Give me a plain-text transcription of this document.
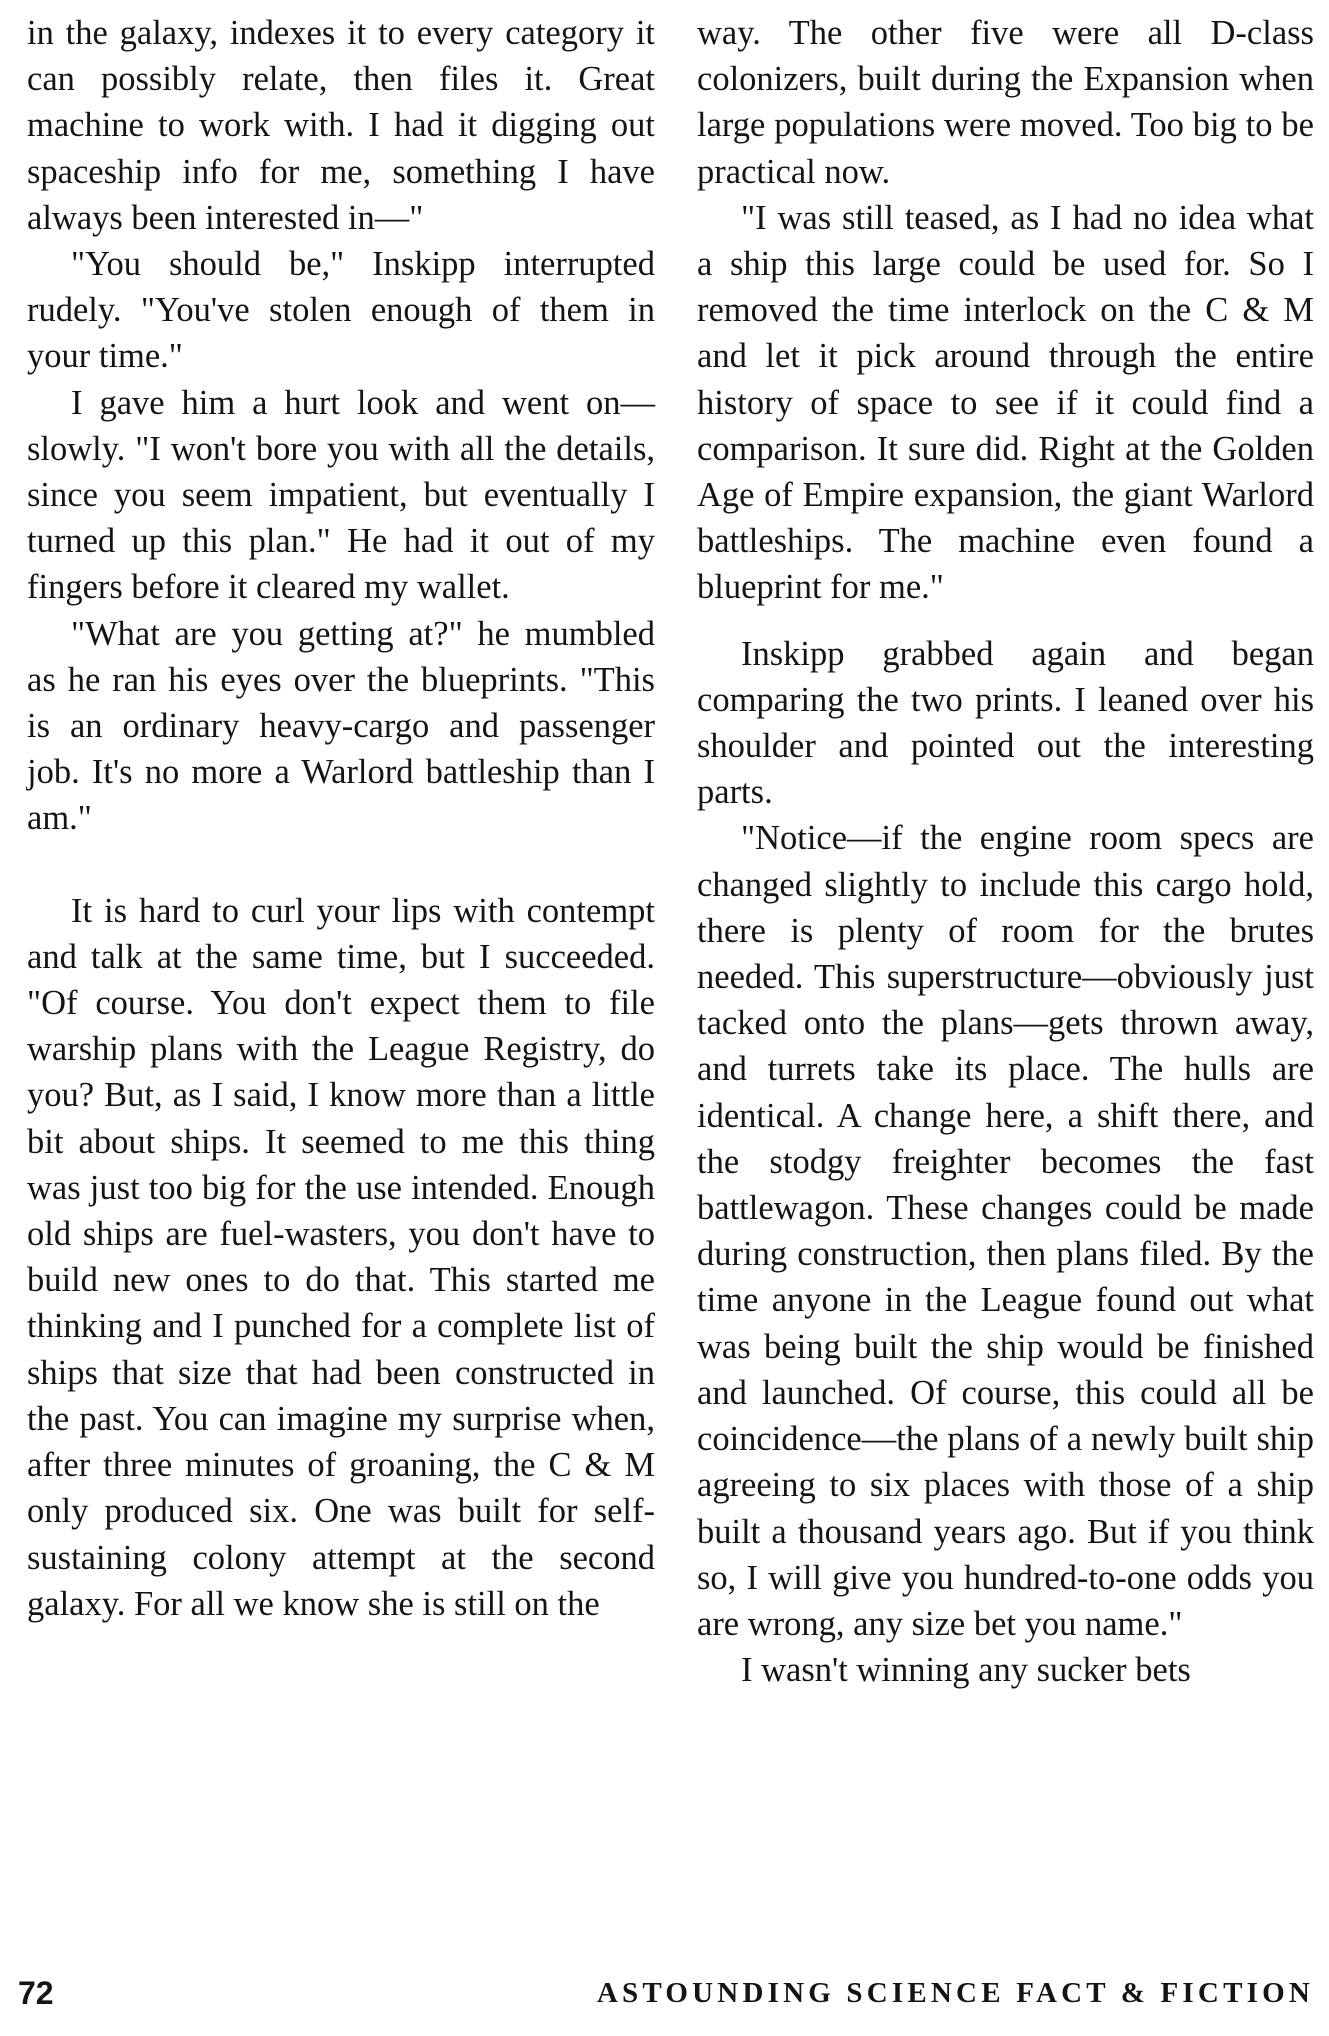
in the galaxy, indexes it to every category it can possibly relate, then files it. Great machine to work with. I had it digging out spaceship info for me, something I have always been interested in—"

"You should be," Inskipp interrupted rudely. "You've stolen enough of them in your time."

I gave him a hurt look and went on—slowly. "I won't bore you with all the details, since you seem impatient, but eventually I turned up this plan." He had it out of my fingers before it cleared my wallet.

"What are you getting at?" he mumbled as he ran his eyes over the blueprints. "This is an ordinary heavy-cargo and passenger job. It's no more a Warlord battleship than I am."

It is hard to curl your lips with contempt and talk at the same time, but I succeeded. "Of course. You don't expect them to file warship plans with the League Registry, do you? But, as I said, I know more than a little bit about ships. It seemed to me this thing was just too big for the use intended. Enough old ships are fuel-wasters, you don't have to build new ones to do that. This started me thinking and I punched for a complete list of ships that size that had been constructed in the past. You can imagine my surprise when, after three minutes of groaning, the C & M only produced six. One was built for self-sustaining colony attempt at the second galaxy. For all we know she is still on the

way. The other five were all D-class colonizers, built during the Expansion when large populations were moved. Too big to be practical now.

"I was still teased, as I had no idea what a ship this large could be used for. So I removed the time interlock on the C & M and let it pick around through the entire history of space to see if it could find a comparison. It sure did. Right at the Golden Age of Empire expansion, the giant Warlord battleships. The machine even found a blueprint for me."

Inskipp grabbed again and began comparing the two prints. I leaned over his shoulder and pointed out the interesting parts.

"Notice—if the engine room specs are changed slightly to include this cargo hold, there is plenty of room for the brutes needed. This superstructure—obviously just tacked onto the plans—gets thrown away, and turrets take its place. The hulls are identical. A change here, a shift there, and the stodgy freighter becomes the fast battlewagon. These changes could be made during construction, then plans filed. By the time anyone in the League found out what was being built the ship would be finished and launched. Of course, this could all be coincidence—the plans of a newly built ship agreeing to six places with those of a ship built a thousand years ago. But if you think so, I will give you hundred-to-one odds you are wrong, any size bet you name."

I wasn't winning any sucker bets

72	ASTOUNDING SCIENCE FACT & FICTION
